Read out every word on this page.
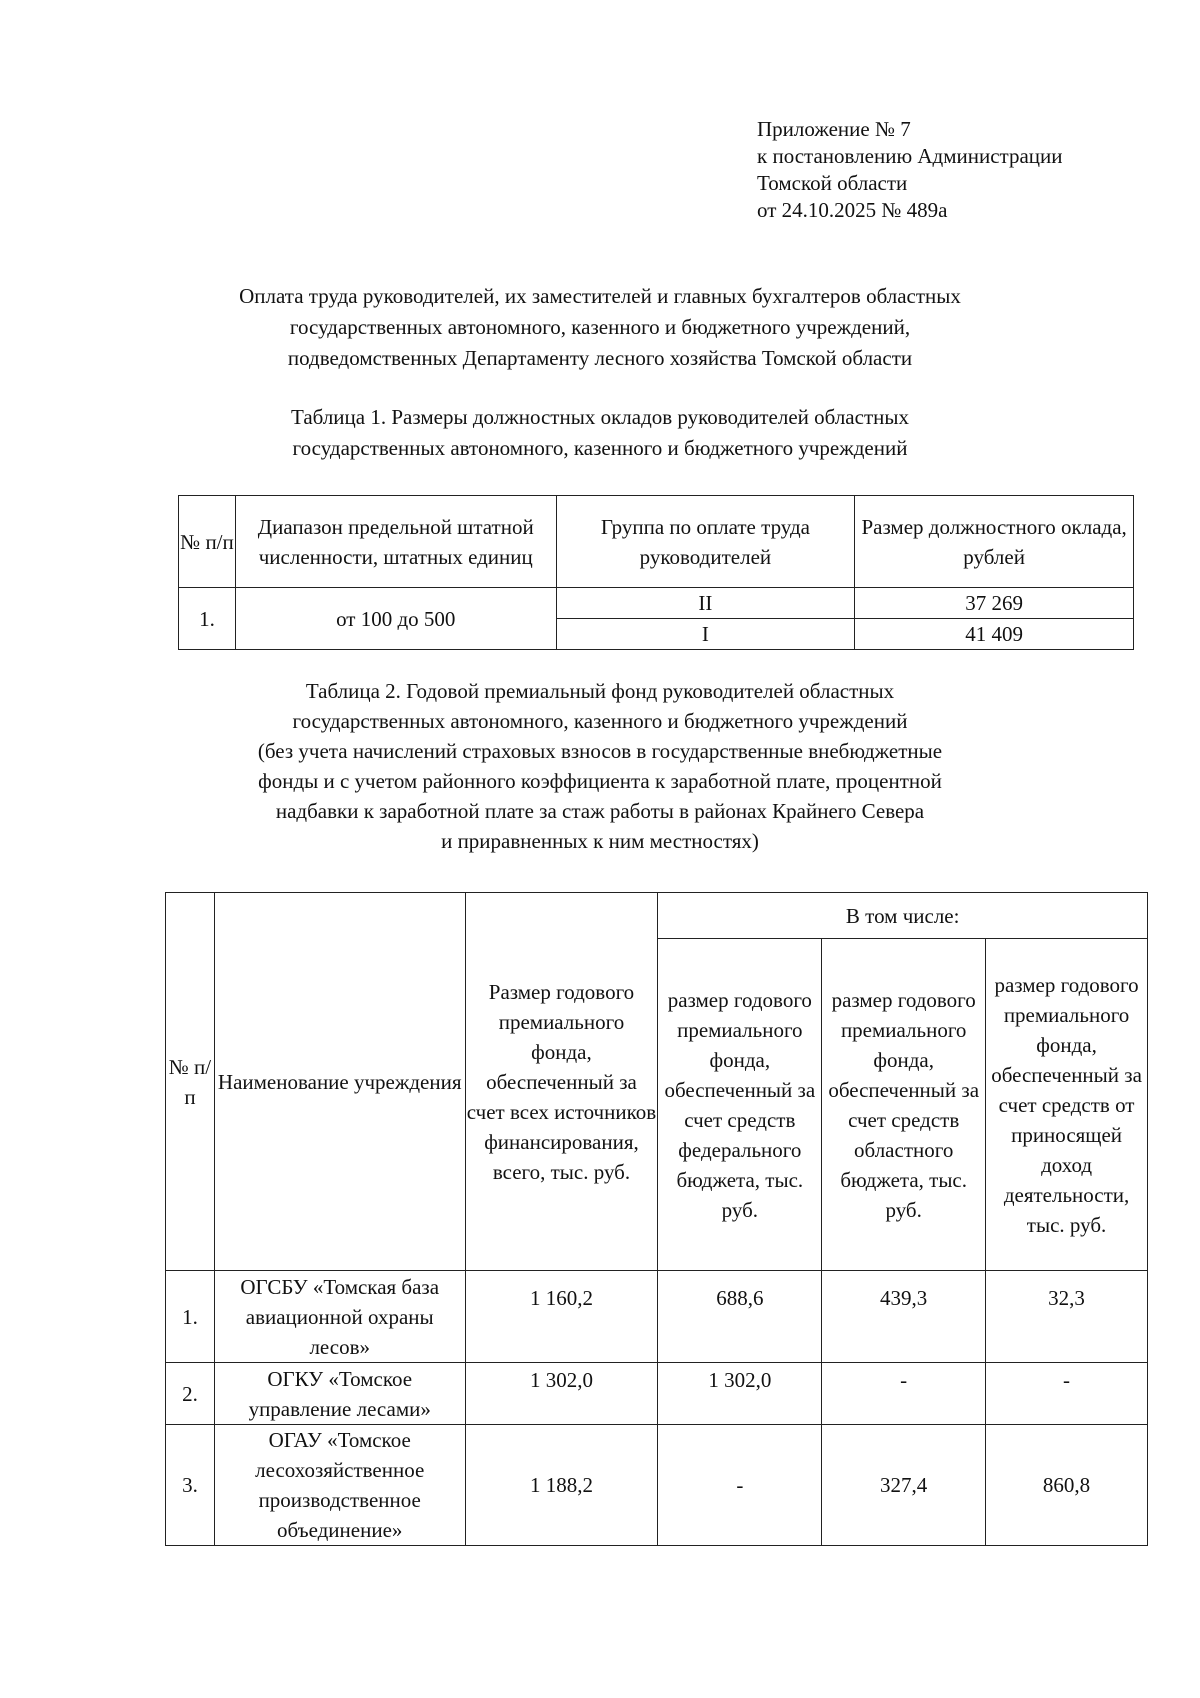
Приложение № 7
к постановлению Администрации
Томской области
от 24.10.2025 № 489а
Оплата труда руководителей, их заместителей и главных бухгалтеров областных
государственных автономного, казенного и бюджетного учреждений,
подведомственных Департаменту лесного хозяйства Томской области
Таблица 1. Размеры должностных окладов руководителей областных
государственных автономного, казенного и бюджетного учреждений
№ п/п	Диапазон предельной штатной численности, штатных единиц	Группа по оплате труда руководителей	Размер должностного оклада, рублей
1.	от 100 до 500	II	37 269
		I	41 409
Таблица 2. Годовой премиальный фонд руководителей областных
государственных автономного, казенного и бюджетного учреждений
(без учета начислений страховых взносов в государственные внебюджетные
фонды и с учетом районного коэффициента к заработной плате, процентной
надбавки к заработной плате за стаж работы в районах Крайнего Севера
и приравненных к ним местностях)
№ п/п	Наименование учреждения	Размер годового премиального фонда, обеспеченный за счет всех источников финансирования, всего, тыс. руб.	В том числе:		
			размер годового премиального фонда, обеспеченный за счет средств федерального бюджета, тыс. руб.	размер годового премиального фонда, обеспеченный за счет средств областного бюджета, тыс. руб.	размер годового премиального фонда, обеспеченный за счет средств от приносящей доход деятельности, тыс. руб.
1.	ОГСБУ «Томская база авиационной охраны лесов»	1 160,2	688,6	439,3	32,3
2.	ОГКУ «Томское управление лесами»	1 302,0	1 302,0	-	-
3.	ОГАУ «Томское лесохозяйственное производственное объединение»	1 188,2	-	327,4	860,8
